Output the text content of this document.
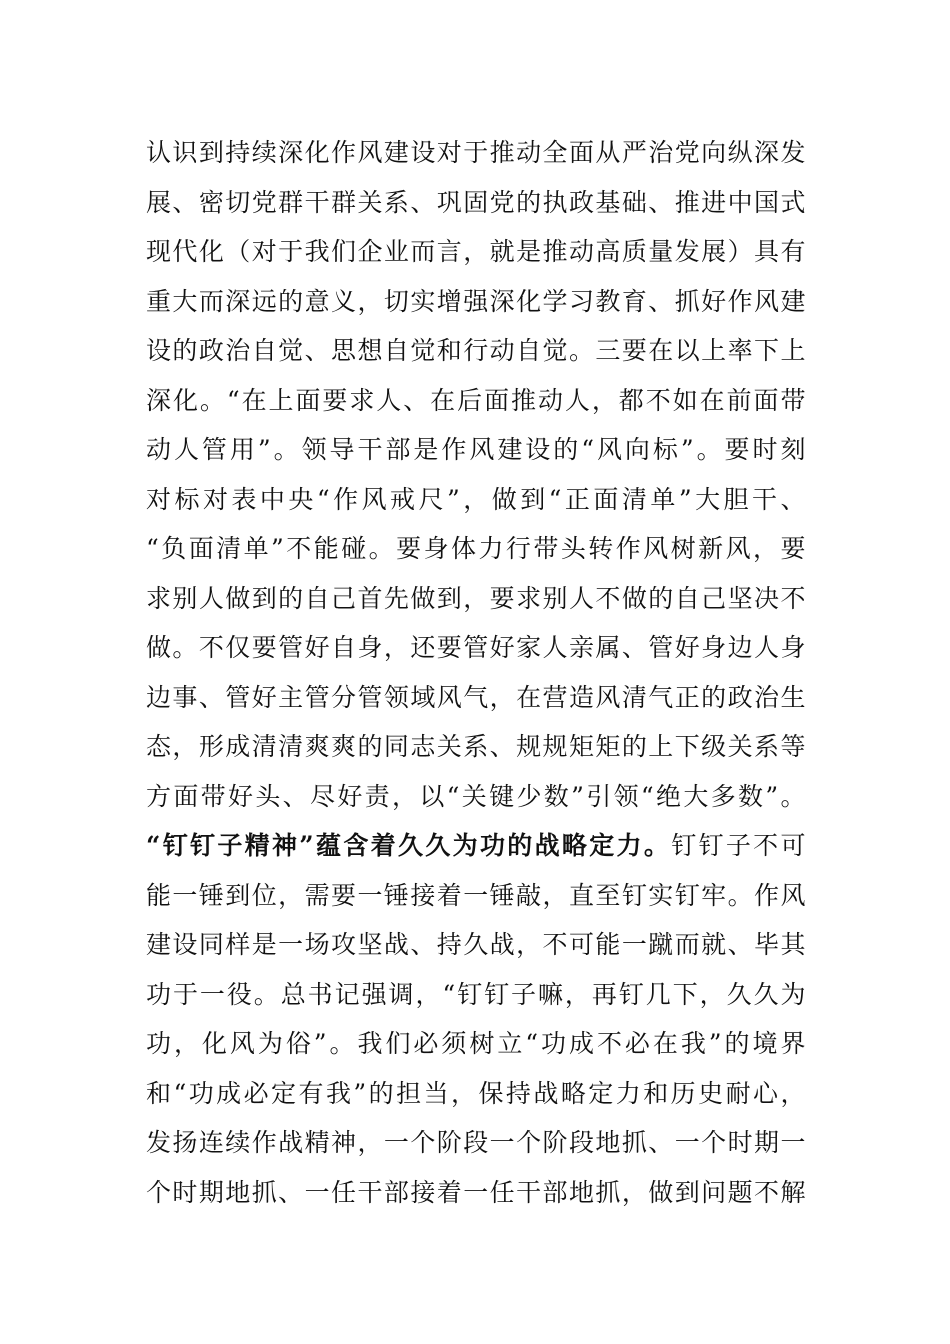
认识到持续深化作风建设对于推动全面从严治党向纵深发
展、密切党群干群关系、巩固党的执政基础、推进中国式
现代化（对于我们企业而言，就是推动高质量发展）具有
重大而深远的意义，切实增强深化学习教育、抓好作风建
设的政治自觉、思想自觉和行动自觉。三要在以上率下上
深化。“在上面要求人、在后面推动人，都不如在前面带
动人管用”。领导干部是作风建设的“风向标”。要时刻
对标对表中央“作风戒尺”，做到“正面清单”大胆干、
“负面清单”不能碰。要身体力行带头转作风树新风，要
求别人做到的自己首先做到，要求别人不做的自己坚决不
做。不仅要管好自身，还要管好家人亲属、管好身边人身
边事、管好主管分管领域风气，在营造风清气正的政治生
态，形成清清爽爽的同志关系、规规矩矩的上下级关系等
方面带好头、尽好责，以“关键少数”引领“绝大多数”。
“钉钉子精神”蕴含着久久为功的战略定力。钉钉子不可
能一锤到位，需要一锤接着一锤敲，直至钉实钉牢。作风
建设同样是一场攻坚战、持久战，不可能一蹴而就、毕其
功于一役。总书记强调，“钉钉子嘛，再钉几下，久久为
功，化风为俗”。我们必须树立“功成不必在我”的境界
和“功成必定有我”的担当，保持战略定力和历史耐心，
发扬连续作战精神，一个阶段一个阶段地抓、一个时期一
个时期地抓、一任干部接着一任干部地抓，做到问题不解
